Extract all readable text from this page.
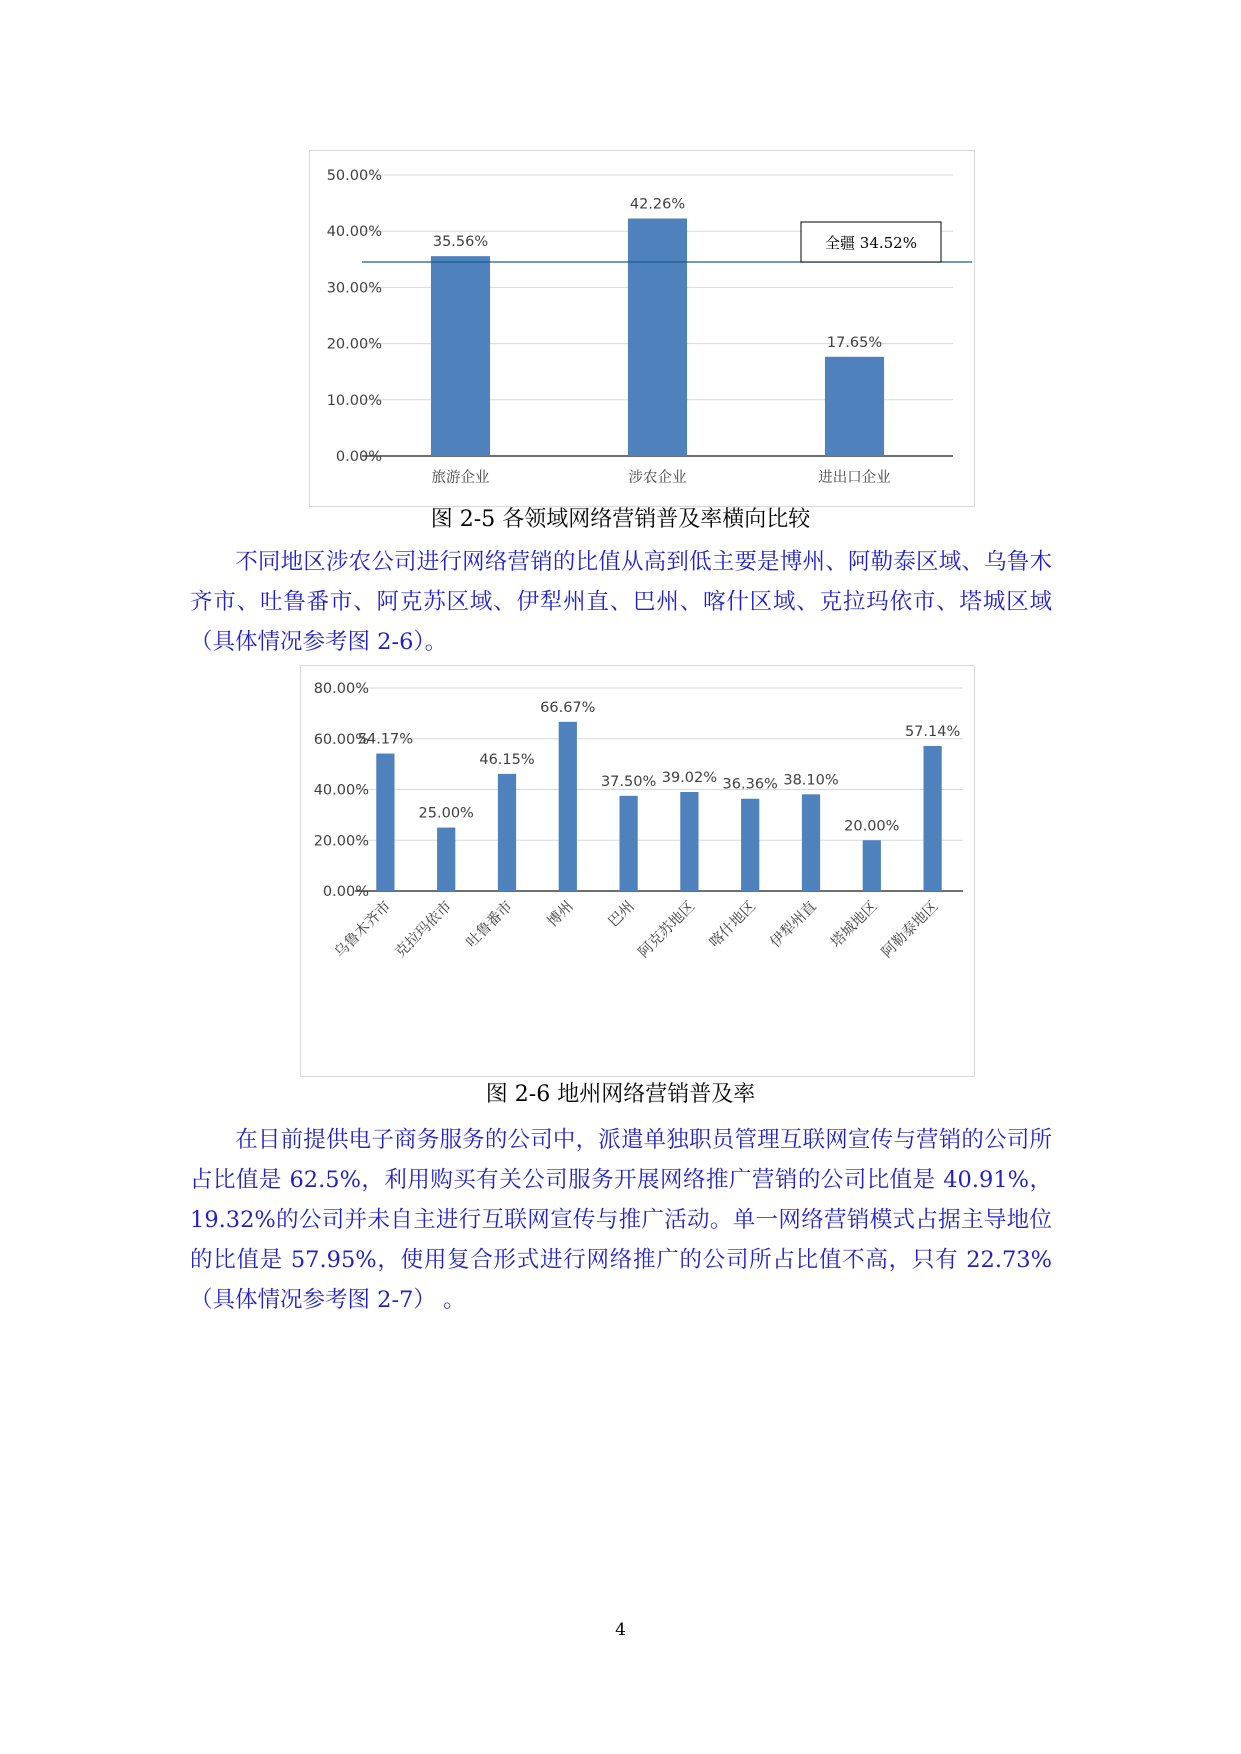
50.00%
40.00%
30.00%
20.00%
10.00%
0.00%
35.56%
旅游企业
42.26%
涉农企业
17.65%
进出口企业
全疆 34.52%
图 2-5 各领域网络营销普及率横向比较

不同地区涉农公司进行网络营销的比值从高到低主要是博州、阿勒泰区域、乌鲁木齐市、吐鲁番市、阿克苏区域、伊犁州直、巴州、喀什区域、克拉玛依市、塔城区域（具体情况参考图 2-6）。

80.00%
60.00%
40.00%
20.00%
0.00%
54.17%
乌鲁木齐市
25.00%
克拉玛依市
46.15%
吐鲁番市
66.67%
博州
37.50%
巴州
39.02%
阿克苏地区
36.36%
喀什地区
38.10%
伊犁州直
20.00%
塔城地区
57.14%
阿勒泰地区
图 2-6 地州网络营销普及率

在目前提供电子商务服务的公司中，派遣单独职员管理互联网宣传与营销的公司所占比值是 62.5%，利用购买有关公司服务开展网络推广营销的公司比值是 40.91%，19.32%的公司并未自主进行互联网宣传与推广活动。单一网络营销模式占据主导地位的比值是 57.95%，使用复合形式进行网络推广的公司所占比值不高，只有 22.73%（具体情况参考图 2-7） 。

4
